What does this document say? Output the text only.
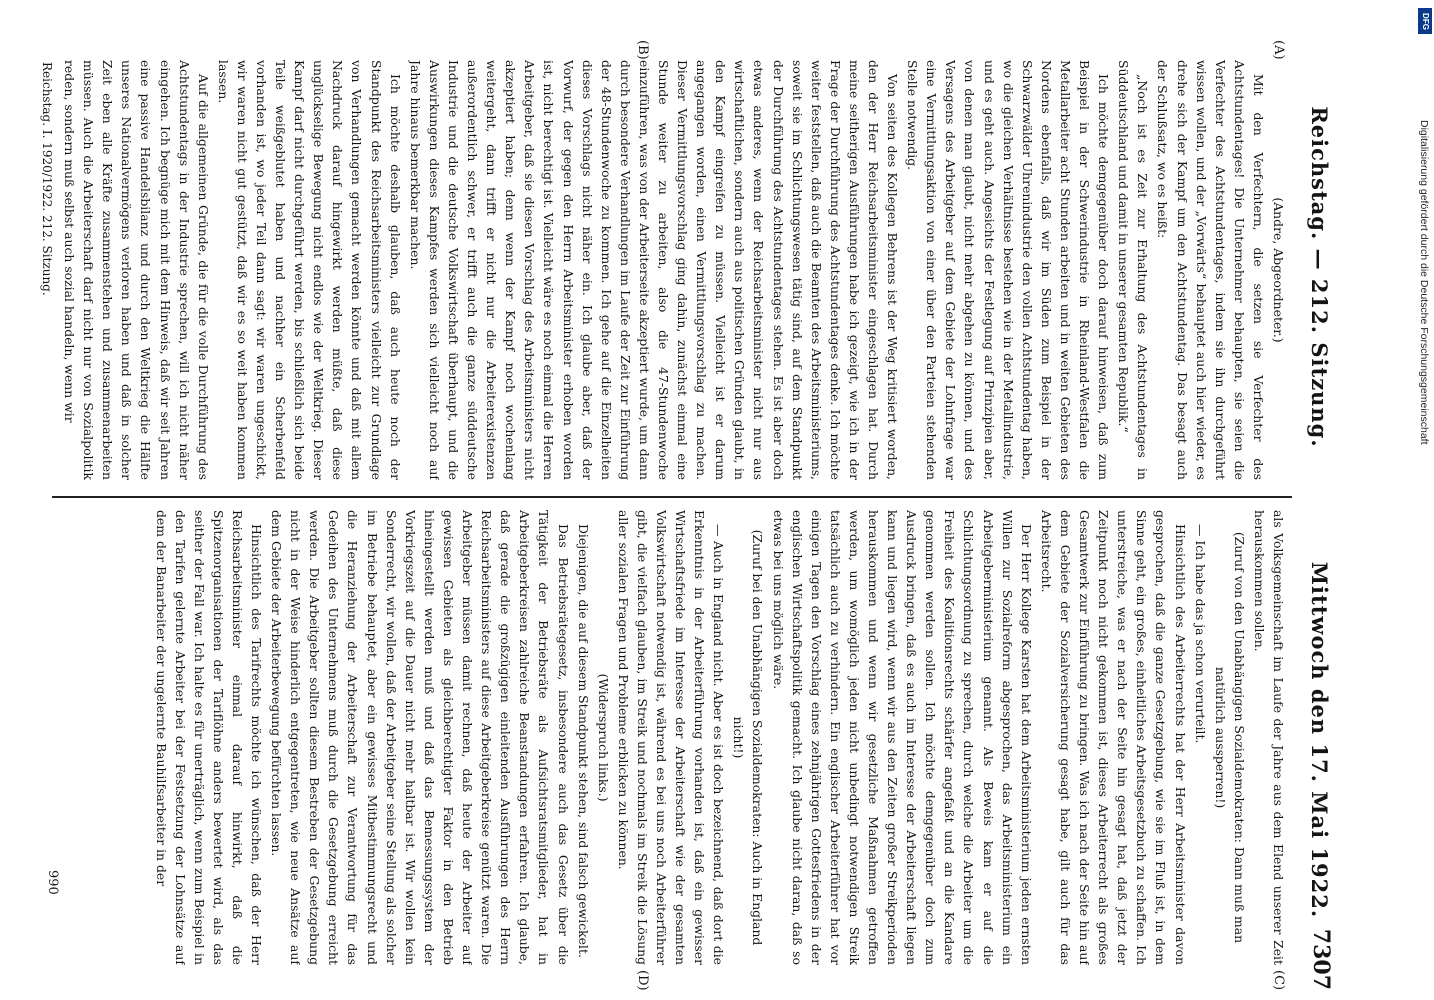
Reichstag. — 212. Sitzung.
Mittwoch den 17. Mai 1922.
7307
(A)
(B)
(C)
(D)

(Andre, Abgeordneter.)

Mit den Verfechtern, die setzen sie Verfechter des Achtstundentages! Die Unternehmer behaupten, sie seien die Verfechter des Achtstundentages, indem sie ihn durchgeführt wissen wollen, und der „Vorwärts“ behauptet auch hier wieder, es drehe sich der Kampf um den Achtstundentag. Das besagt auch der Schlußsatz, wo es heißt:

„Noch ist es Zeit zur Erhaltung des Achtstundentages in Süddeutschland und damit in unserer gesamten Republik.“

Ich möchte demgegenüber doch darauf hinweisen, daß zum Beispiel in der Schwerindustrie in Rheinland-Westfalen die Metallarbeiter acht Stunden arbeiten und in weiten Gebieten des Nordens ebenfalls, daß wir im Süden zum Beispiel in der Schwarzwälder Uhrenindustrie den vollen Achtstundentag haben, wo die gleichen Verhältnisse bestehen wie in der Metallindustrie, und es geht auch. Angesichts der Festlegung auf Prinzipien aber, von denen man glaubt, nicht mehr abgehen zu können, und des Versagens des Arbeitgeber auf dem Gebiete der Lohnfrage war eine Vermittlungsaktion von einer über den Parteien stehenden Stelle notwendig.

Von seiten des Kollegen Behrens ist der Weg kritisiert worden, den der Herr Reichsarbeitsminister eingeschlagen hat. Durch meine seitherigen Ausführungen habe ich gezeigt, wie ich in der Frage der Durchführung des Achtstundentages denke. Ich möchte weiter feststellen, daß auch die Beamten des Arbeitsministeriums, soweit sie im Schlichtungswesen tätig sind, auf dem Standpunkt der Durchführung des Achtstundentages stehen. Es ist aber doch etwas anderes, wenn der Reichsarbeitsminister nicht nur aus wirtschaftlichen, sondern auch aus politischen Gründen glaubt, in den Kampf eingreifen zu müssen. Vielleicht ist er darum angegangen worden, einen Vermittlungsvorschlag zu machen. Dieser Vermittlungsvorschlag ging dahin, zunächst einmal eine Stunde weiter zu arbeiten, also die 47-Stundenwoche einzuführen, was von der Arbeiterseite akzeptiert wurde, um dann durch besondere Verhandlungen im Laufe der Zeit zur Einführung der 48-Stundenwoche zu kommen. Ich gehe auf die Einzelheiten dieses Vorschlags nicht näher ein. Ich glaube aber, daß der Vorwurf, der gegen den Herrn Arbeitsminister erhoben worden ist, nicht berechtigt ist. Vielleicht wäre es noch einmal die Herren Arbeitgeber, daß sie diesen Vorschlag des Arbeitsministers nicht akzeptiert haben; denn wenn der Kampf noch wochenlang weitergeht, dann trifft er nicht nur die Arbeiterexistenzen außerordentlich schwer, er trifft auch die ganze süddeutsche Industrie und die deutsche Volkswirtschaft überhaupt, und die Auswirkungen dieses Kampfes werden sich vielleicht noch auf Jahre hinaus bemerkbar machen.

Ich möchte deshalb glauben, daß auch heute noch der Standpunkt des Reichsarbeitsministers vielleicht zur Grundlage von Verhandlungen gemacht werden könnte und daß mit allem Nachdruck darauf hingewirkt werden müßte, daß diese unglückselige Bewegung nicht endlos wie der Weltkrieg. Dieser Kampf darf nicht durchgeführt werden, bis schließlich sich beide Teile weißgeblutet haben und nachher ein Scherbenfeld vorhanden ist, wo jeder Teil dann sagt: wir waren ungeschickt, wir waren nicht gut gestützt, daß wir es so weit haben kommen lassen.

Auf die allgemeinen Gründe, die für die volle Durchführung des Achtstundentags in der Industrie sprechen, will ich nicht näher eingehen. Ich begnüge mich mit dem Hinweis, daß wir seit Jahren eine passive Handelsbilanz und durch den Weltkrieg die Hälfte unseres Nationalvermögens verloren haben und daß in solcher Zeit eben alle Kräfte zusammenstehen und zusammenarbeiten müssen. Auch die Arbeiterschaft darf nicht nur von Sozialpolitik reden, sondern muß selbst auch sozial handeln, wenn wir

als Volksgemeinschaft im Laufe der Jahre aus dem Elend unserer Zeit herauskommen sollen.

(Zuruf von den Unabhängigen Sozialdemokraten: Dann muß man natürlich aussperren!)

— Ich habe das ja schon verurteilt.

Hinsichtlich des Arbeiterrechts hat der Herr Arbeitsminister davon gesprochen, daß die ganze Gesetzgebung, wie sie im Fluß ist, in dem Sinne geht, ein großes, einheitliches Arbeitsgesetzbuch zu schaffen. Ich unterstreiche, was er nach der Seite hin gesagt hat, daß jetzt der Zeitpunkt noch nicht gekommen ist, dieses Arbeiterrecht als großes Gesamtwerk zur Einführung zu bringen. Was ich nach der Seite hin auf dem Gebiete der Sozialversicherung gesagt habe, gilt auch für das Arbeitsrecht.

Der Herr Kollege Karsten hat dem Arbeitsministerium jeden ernsten Willen zur Sozialreform abgesprochen, das Arbeitsministerium ein Arbeitgeberministerium genannt. Als Beweis kam er auf die Schlichtungsordnung zu sprechen, durch welche die Arbeiter um die Freiheit des Koalitionsrechts schärfer angefaßt und an die Kandare genommen werden sollen. Ich möchte demgegenüber doch zum Ausdruck bringen, daß es auch im Interesse der Arbeiterschaft liegen kann und liegen wird, wenn wir aus den Zeiten großer Streikperioden herauskommen und wenn wir gesetzliche Maßnahmen getroffen werden, um womöglich jeden nicht unbedingt notwendigen Streik tatsächlich auch zu verhindern. Ein englischer Arbeiterführer hat vor einigen Tagen den Vorschlag eines zehnjährigen Gottesfriedens in der englischen Wirtschaftspolitik gemacht. Ich glaube nicht daran, daß so etwas bei uns möglich wäre.

(Zuruf bei den Unabhängigen Sozialdemokraten: Auch in England nicht!)

— Auch in England nicht. Aber es ist doch bezeichnend, daß dort die Erkenntnis in der Arbeiterführung vorhanden ist, daß ein gewisser Wirtschaftsfriede im Interesse der Arbeiterschaft wie der gesamten Volkswirtschaft notwendig ist, während es bei uns noch Arbeiterführer gibt, die vielfach glauben, im Streik und nochmals im Streik die Lösung aller sozialen Fragen und Probleme erblicken zu können.

(Widerspruch links.)

Diejenigen, die auf diesem Standpunkt stehen, sind falsch gewickelt.

Das Betriebsrätegesetz, insbesondere auch das Gesetz über die Tätigkeit der Betriebsräte als Aufsichtsratsmitglieder, hat in Arbeitgeberkreisen zahlreiche Beanstandungen erfahren. Ich glaube, daß gerade die großzügigen einleitenden Ausführungen des Herrn Reichsarbeitsministers auf diese Arbeitgeberkreise genützt waren. Die Arbeitgeber müssen damit rechnen, daß heute der Arbeiter auf gewissen Gebieten als gleichberechtigter Faktor in den Betrieb hineingestellt werden muß und daß das Bemessungssystem der Vorkriegszeit auf die Dauer nicht mehr haltbar ist. Wir wollen kein Sonderrecht, wir wollen, daß der Arbeitgeber seine Stellung als solcher im Betriebe behauptet, aber ein gewisses Mitbestimmungsrecht und die Heranziehung der Arbeiterschaft zur Verantwortung für das Gedeihen des Unternehmens muß durch die Gesetzgebung erreicht werden. Die Arbeitgeber sollten diesem Bestreben der Gesetzgebung nicht in der Weise hinderlich entgegentreten, wie neue Ansätze auf dem Gebiete der Arbeiterbewegung befürchten lassen.

Hinsichtlich des Tarifrechts möchte ich wünschen, daß der Herr Reichsarbeitsminister einmal darauf hinwirkt, daß die Spitzenorganisationen der Tariflöhne anders bewertet wird, als das seither der Fall war. Ich halte es für unerträglich, wenn zum Beispiel in den Tarifen gelernte Arbeiter bei der Festsetzung der Lohnsätze auf dem der Banarbeiter der ungelernte Bauhilfsarbeiter in der

Reichstag. I. 1920/1922. 212. Sitzung.
990
DFG
Digitalisierung gefördert durch die Deutsche Forschungsgemeinschaft
